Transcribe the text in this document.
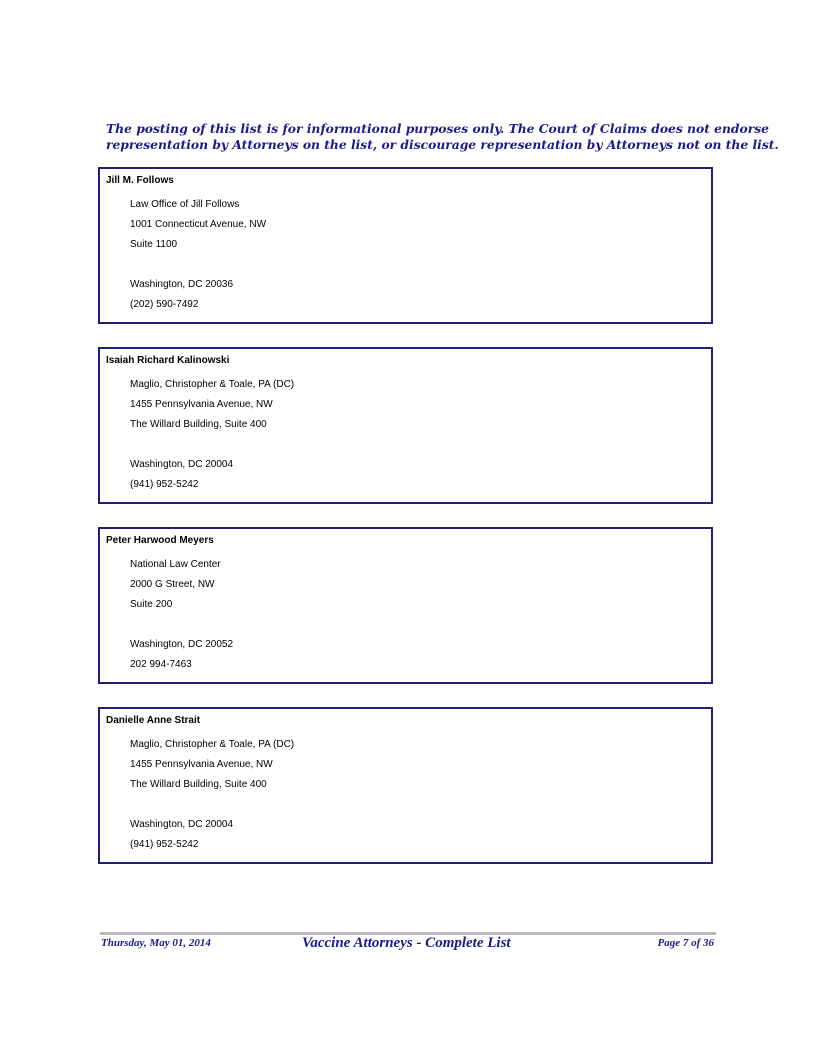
The posting of this list is for informational purposes only. The Court of Claims does not endorse
representation by Attorneys on the list, or discourage representation by Attorneys not on the list.
Jill M. Follows
Law Office of Jill Follows
1001 Connecticut Avenue, NW
Suite 1100
Washington, DC 20036
(202) 590-7492
Isaiah Richard Kalinowski
Maglio, Christopher & Toale, PA (DC)
1455 Pennsylvania Avenue, NW
The Willard Building, Suite 400
Washington, DC 20004
(941) 952-5242
Peter Harwood Meyers
National Law Center
2000 G Street, NW
Suite 200
Washington, DC 20052
202 994-7463
Danielle Anne Strait
Maglio, Christopher & Toale, PA (DC)
1455 Pennsylvania Avenue, NW
The Willard Building, Suite 400
Washington, DC 20004
(941) 952-5242
Thursday, May 01, 2014	Vaccine Attorneys - Complete List	Page 7 of 36
